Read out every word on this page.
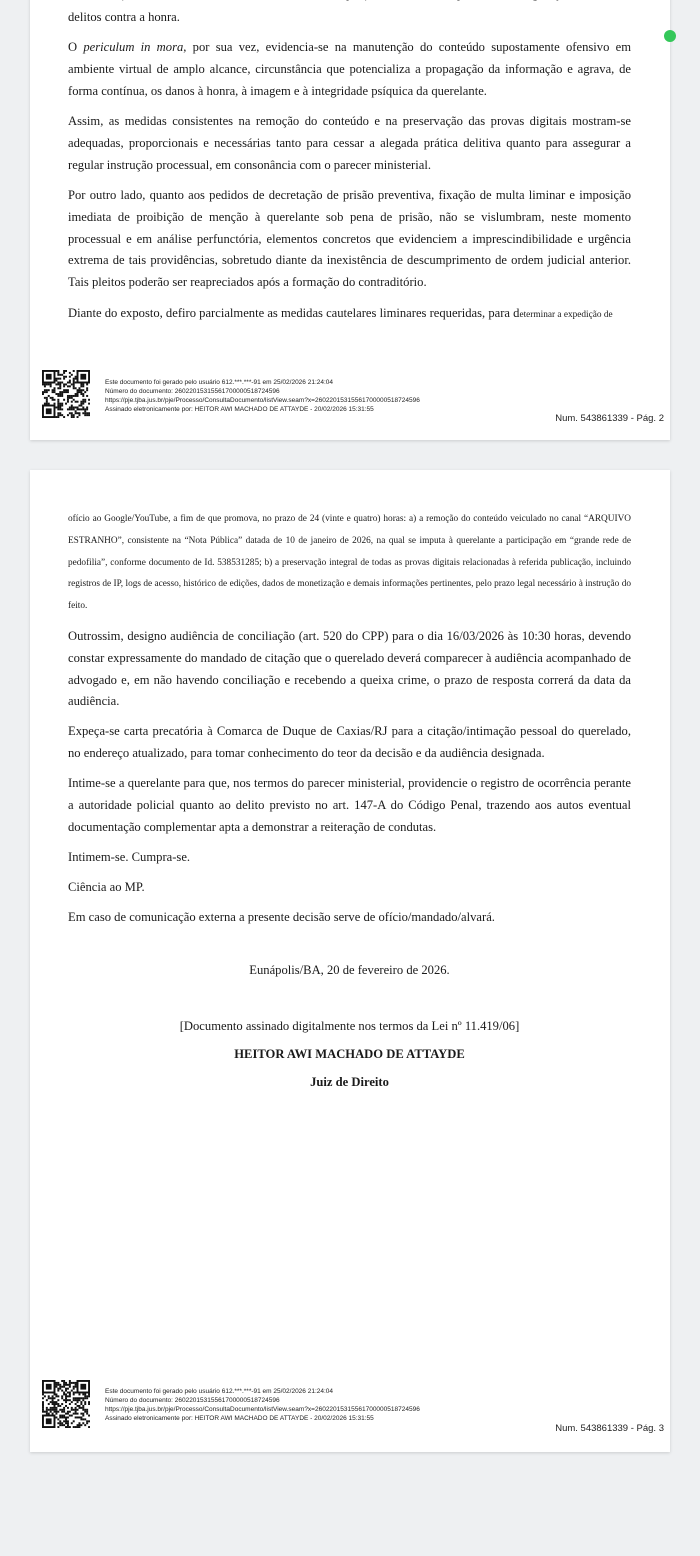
delitos contra a honra.

O periculum in mora, por sua vez, evidencia-se na manutenção do conteúdo supostamente ofensivo em ambiente virtual de amplo alcance, circunstância que potencializa a propagação da informação e agrava, de forma contínua, os danos à honra, à imagem e à integridade psíquica da querelante.

Assim, as medidas consistentes na remoção do conteúdo e na preservação das provas digitais mostram-se adequadas, proporcionais e necessárias tanto para cessar a alegada prática delitiva quanto para assegurar a regular instrução processual, em consonância com o parecer ministerial.

Por outro lado, quanto aos pedidos de decretação de prisão preventiva, fixação de multa liminar e imposição imediata de proibição de menção à querelante sob pena de prisão, não se vislumbram, neste momento processual e em análise perfunctória, elementos concretos que evidenciem a imprescindibilidade e urgência extrema de tais providências, sobretudo diante da inexistência de descumprimento de ordem judicial anterior. Tais pleitos poderão ser reapreciados após a formação do contraditório.

Diante do exposto, defiro parcialmente as medidas cautelares liminares requeridas, para determinar a expedição de

Este documento foi gerado pelo usuário 612.***.***-91 em 25/02/2026 21:24:04
Número do documento: 26022015315561700000518724596
https://pje.tjba.jus.br/pje/Processo/ConsultaDocumento/listView.seam?x=26022015315561700000518724596
Assinado eletronicamente por: HEITOR AWI MACHADO DE ATTAYDE - 20/02/2026 15:31:55
Num. 543861339 - Pág. 2

ofício ao Google/YouTube, a fim de que promova, no prazo de 24 (vinte e quatro) horas: a) a remoção do conteúdo veiculado no canal “ARQUIVO ESTRANHO”, consistente na “Nota Pública” datada de 10 de janeiro de 2026, na qual se imputa à querelante a participação em “grande rede de pedofilia”, conforme documento de Id. 538531285; b) a preservação integral de todas as provas digitais relacionadas à referida publicação, incluindo registros de IP, logs de acesso, histórico de edições, dados de monetização e demais informações pertinentes, pelo prazo legal necessário à instrução do feito.

Outrossim, designo audiência de conciliação (art. 520 do CPP) para o dia 16/03/2026 às 10:30 horas, devendo constar expressamente do mandado de citação que o querelado deverá comparecer à audiência acompanhado de advogado e, em não havendo conciliação e recebendo a queixa crime, o prazo de resposta correrá da data da audiência.

Expeça-se carta precatória à Comarca de Duque de Caxias/RJ para a citação/intimação pessoal do querelado, no endereço atualizado, para tomar conhecimento do teor da decisão e da audiência designada.

Intime-se a querelante para que, nos termos do parecer ministerial, providencie o registro de ocorrência perante a autoridade policial quanto ao delito previsto no art. 147-A do Código Penal, trazendo aos autos eventual documentação complementar apta a demonstrar a reiteração de condutas.

Intimem-se. Cumpra-se.

Ciência ao MP.

Em caso de comunicação externa a presente decisão serve de ofício/mandado/alvará.

Eunápolis/BA, 20 de fevereiro de 2026.

[Documento assinado digitalmente nos termos da Lei nº 11.419/06]

HEITOR AWI MACHADO DE ATTAYDE

Juiz de Direito

Este documento foi gerado pelo usuário 612.***.***-91 em 25/02/2026 21:24:04
Número do documento: 26022015315561700000518724596
https://pje.tjba.jus.br/pje/Processo/ConsultaDocumento/listView.seam?x=26022015315561700000518724596
Assinado eletronicamente por: HEITOR AWI MACHADO DE ATTAYDE - 20/02/2026 15:31:55
Num. 543861339 - Pág. 3
